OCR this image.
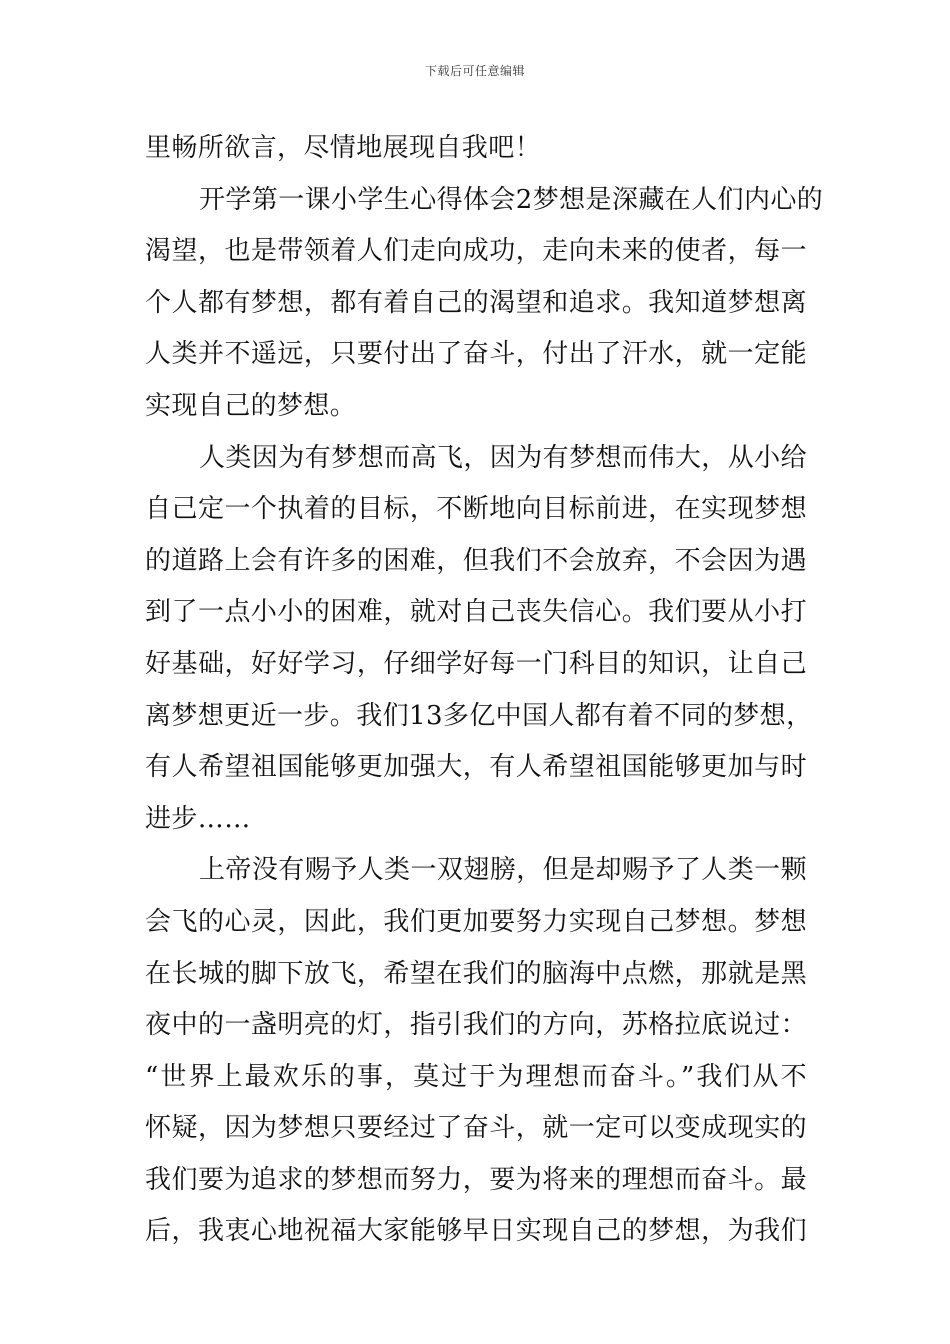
下载后可任意编辑
里畅所欲言，尽情地展现自我吧！
开学第一课小学生心得体会2梦想是深藏在人们内心的
渴望，也是带领着人们走向成功，走向未来的使者，每一
个人都有梦想，都有着自己的渴望和追求。我知道梦想离
人类并不遥远，只要付出了奋斗，付出了汗水，就一定能
实现自己的梦想。
人类因为有梦想而高飞，因为有梦想而伟大，从小给
自己定一个执着的目标，不断地向目标前进，在实现梦想
的道路上会有许多的困难，但我们不会放弃，不会因为遇
到了一点小小的困难，就对自己丧失信心。我们要从小打
好基础，好好学习，仔细学好每一门科目的知识，让自己
离梦想更近一步。我们13多亿中国人都有着不同的梦想，
有人希望祖国能够更加强大，有人希望祖国能够更加与时
进步……
上帝没有赐予人类一双翅膀，但是却赐予了人类一颗
会飞的心灵，因此，我们更加要努力实现自己梦想。梦想
在长城的脚下放飞，希望在我们的脑海中点燃，那就是黑
夜中的一盏明亮的灯，指引我们的方向，苏格拉底说过：
“世界上最欢乐的事，莫过于为理想而奋斗。”我们从不
怀疑，因为梦想只要经过了奋斗，就一定可以变成现实的
我们要为追求的梦想而努力，要为将来的理想而奋斗。最
后，我衷心地祝福大家能够早日实现自己的梦想，为我们
